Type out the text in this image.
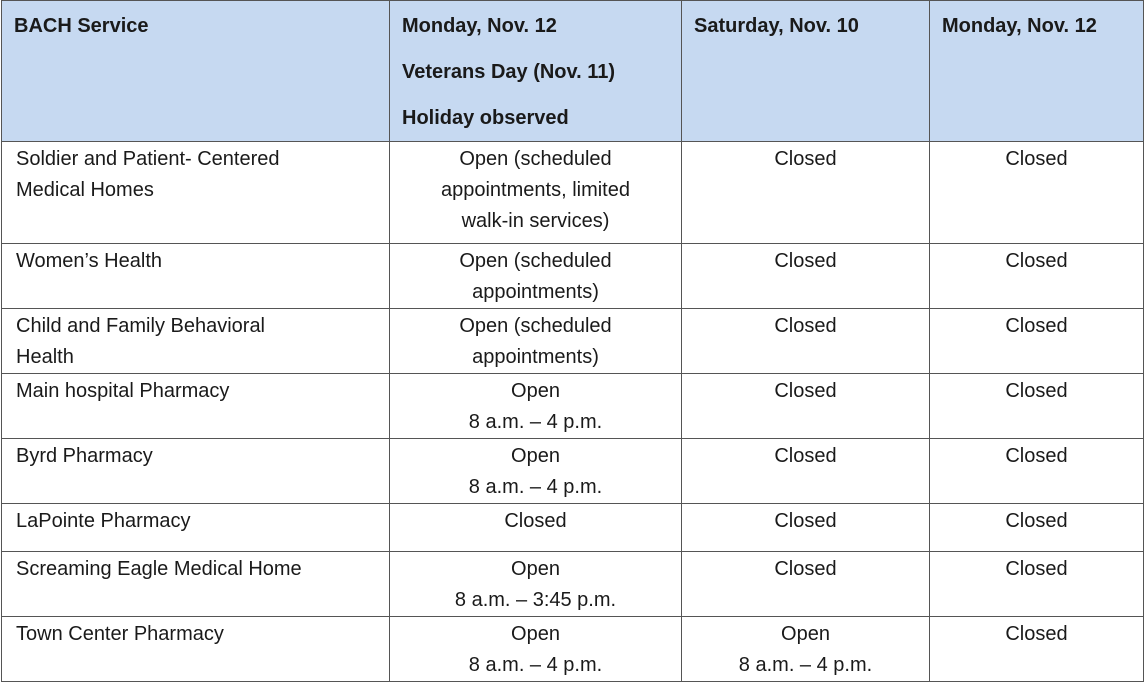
BACH Service	Monday, Nov. 12
Veterans Day (Nov. 11)
Holiday observed	Saturday, Nov. 10	Monday, Nov. 12

Soldier and Patient- Centered
Medical Homes	Open (scheduled
appointments, limited
walk-in services)	Closed	Closed

Women’s Health	Open (scheduled
appointments)	Closed	Closed

Child and Family Behavioral
Health	Open (scheduled
appointments)	Closed	Closed

Main hospital Pharmacy	Open
8 a.m. – 4 p.m.	Closed	Closed

Byrd Pharmacy	Open
8 a.m. – 4 p.m.	Closed	Closed

LaPointe Pharmacy	Closed	Closed	Closed

Screaming Eagle Medical Home	Open
8 a.m. – 3:45 p.m.	Closed	Closed

Town Center Pharmacy	Open
8 a.m. – 4 p.m.	Open
8 a.m. – 4 p.m.	Closed
